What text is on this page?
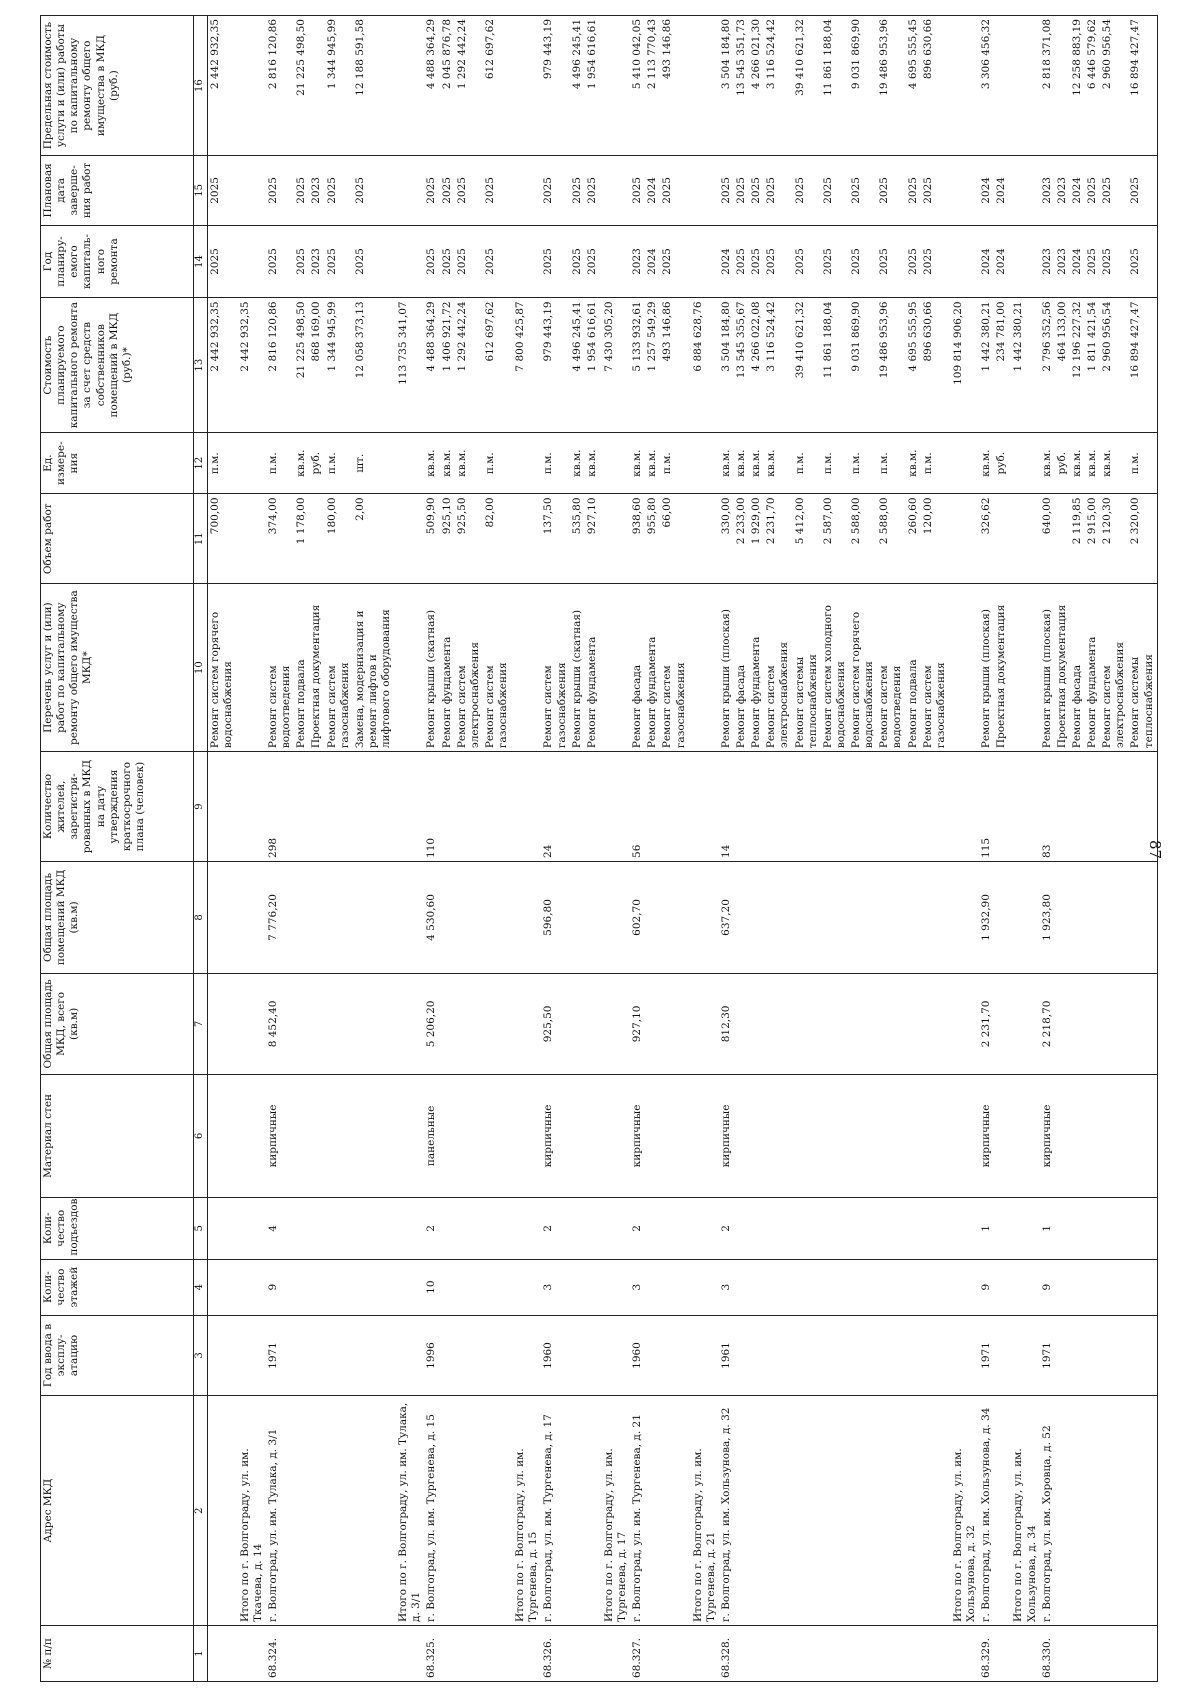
87
№ п/п	Адрес МКД	Год ввода в эксплу-атацию	Коли-чество этажей	Коли-чество подъездов	Материал стен	Общая площадь МКД, всего (кв.м)	Общая площадь помещений МКД (кв.м)	Количество жителей, зарегистри-рованных в МКД на дату утверждения краткосрочного плана (человек)	Перечень услуг и (или) работ по капитальному ремонту общего имущества МКД*	Объем работ	Ед. измере-ния	Стоимость планируемого капитального ремонта за счет средств собственников помещений в МКД (руб.)*	Год планиру-емого капиталь-ного ремонта	Плановая дата заверше-ния работ	Предельная стоимость услуги и (или) работы по капитальному ремонту общего имущества в МКД (руб.)
1	2	3	4	5	6	7	8	9	10	11	12	13	14	15	16
									Ремонт систем горячего
водоснабжения	700,00	п.м.	2 442 932,35	2025	2025	2 442 932,35
	Итого по г. Волгограду, ул. им. Ткачева, д. 14											2 442 932,35			
68.324.	г. Волгоград, ул. им. Тулака, д. 3/1	1971	9	4	кирпичные	8 452,40	7 776,20	298	Ремонт систем
водоотведения	374,00	п.м.	2 816 120,86	2025	2025	2 816 120,86
									Ремонт подвала	1 178,00	кв.м.	21 225 498,50	2025	2025	21 225 498,50
									Проектная документация		руб.	868 169,00	2023	2023	
									Ремонт систем
газоснабжения	180,00	п.м.	1 344 945,99	2025	2025	1 344 945,99
									Замена, модернизация и
ремонт лифтов и
лифтового оборудования	2,00	шт.	12 058 373,13	2025	2025	12 188 591,58
	Итого по г. Волгограду, ул. им. Тулака, д. 3/1											113 735 341,07			
68.325.	г. Волгоград, ул. им. Тургенева, д. 15	1996	10	2	панельные	5 206,20	4 530,60	110	Ремонт крыши (скатная)	509,90	кв.м.	4 488 364,29	2025	2025	4 488 364,29
									Ремонт фундамента	925,10	кв.м.	1 406 921,72	2025	2025	2 045 876,78
									Ремонт систем
электроснабжения	925,50	кв.м.	1 292 442,24	2025	2025	1 292 442,24
									Ремонт систем
газоснабжения	82,00	п.м.	612 697,62	2025	2025	612 697,62
	Итого по г. Волгограду, ул. им. Тургенева, д. 15											7 800 425,87			
68.326.	г. Волгоград, ул. им. Тургенева, д. 17	1960	3	2	кирпичные	925,50	596,80	24	Ремонт систем
газоснабжения	137,50	п.м.	979 443,19	2025	2025	979 443,19
									Ремонт крыши (скатная)	535,80	кв.м.	4 496 245,41	2025	2025	4 496 245,41
									Ремонт фундамента	927,10	кв.м.	1 954 616,61	2025	2025	1 954 616,61
	Итого по г. Волгограду, ул. им. Тургенева, д. 17											7 430 305,20			
68.327.	г. Волгоград, ул. им. Тургенева, д. 21	1960	3	2	кирпичные	927,10	602,70	56	Ремонт фасада	938,60	кв.м.	5 133 932,61	2023	2025	5 410 042,05
									Ремонт фундамента	955,80	кв.м.	1 257 549,29	2024	2024	2 113 770,43
									Ремонт систем
газоснабжения	66,00	п.м.	493 146,86	2025	2025	493 146,86
	Итого по г. Волгограду, ул. им. Тургенева, д. 21											6 884 628,76			
68.328.	г. Волгоград, ул. им. Хользунова, д. 32	1961	3	2	кирпичные	812,30	637,20	14	Ремонт крыши (плоская)	330,00	кв.м.	3 504 184,80	2024	2025	3 504 184,80
									Ремонт фасада	2 233,00	кв.м.	13 545 355,67	2025	2025	13 545 351,73
									Ремонт фундамента	1 929,00	кв.м.	4 266 022,08	2025	2025	4 266 021,30
									Ремонт систем
электроснабжения	2 231,70	кв.м.	3 116 524,42	2025	2025	3 116 524,42
									Ремонт системы
теплоснабжения	5 412,00	п.м.	39 410 621,32	2025	2025	39 410 621,32
									Ремонт систем холодного
водоснабжения	2 587,00	п.м.	11 861 188,04	2025	2025	11 861 188,04
									Ремонт систем горячего
водоснабжения	2 588,00	п.м.	9 031 869,90	2025	2025	9 031 869,90
									Ремонт систем
водоотведения	2 588,00	п.м.	19 486 953,96	2025	2025	19 486 953,96
									Ремонт подвала	260,60	кв.м.	4 695 555,95	2025	2025	4 695 555,45
									Ремонт систем
газоснабжения	120,00	п.м.	896 630,66	2025	2025	896 630,66
	Итого по г. Волгограду, ул. им. Хользунова, д. 32											109 814 906,20			
68.329.	г. Волгоград, ул. им. Хользунова, д. 34	1971	9	1	кирпичные	2 231,70	1 932,90	115	Ремонт крыши (плоская)	326,62	кв.м.	1 442 380,21	2024	2024	3 306 456,32
									Проектная документация		руб.	234 781,00	2024	2024	
	Итого по г. Волгограду, ул. им. Хользунова, д. 34											1 442 380,21			
68.330.	г. Волгоград, ул. им. Хоровца, д. 52	1971	9	1	кирпичные	2 218,70	1 923,80	83	Ремонт крыши (плоская)	640,00	кв.м.	2 796 352,56	2023	2023	2 818 371,08
									Проектная документация		руб.	464 133,00	2023	2023	
									Ремонт фасада	2 119,85	кв.м.	12 196 227,32	2024	2024	12 258 883,19
									Ремонт фундамента	2 915,00	кв.м.	1 811 421,54	2025	2025	6 446 579,62
									Ремонт систем
электроснабжения	2 120,30	кв.м.	2 960 956,54	2025	2025	2 960 956,54
									Ремонт системы
теплоснабжения	2 320,00	п.м.	16 894 427,47	2025	2025	16 894 427,47
